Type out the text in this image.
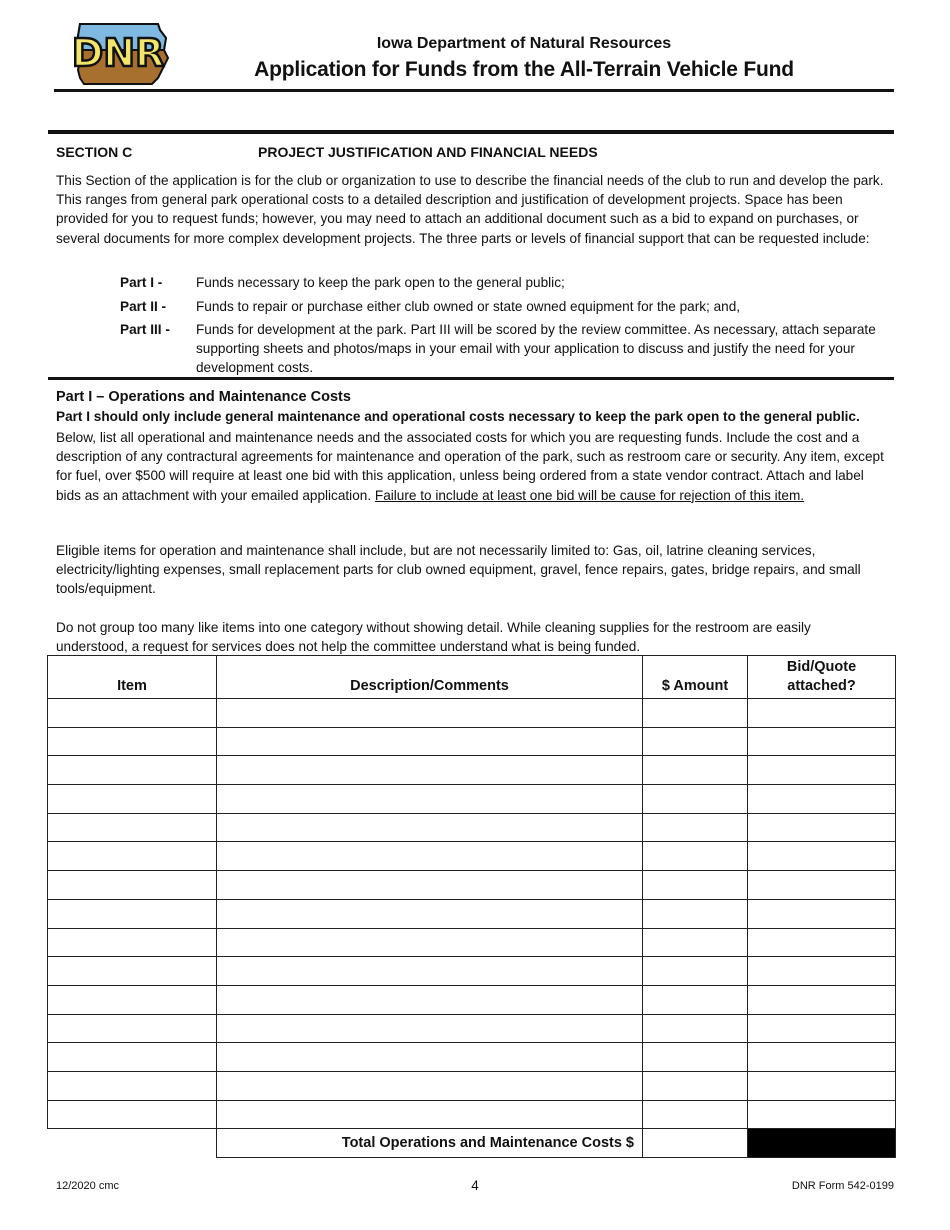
DNR	Iowa Department of Natural Resources
Application for Funds from the All-Terrain Vehicle Fund
SECTION C	PROJECT JUSTIFICATION AND FINANCIAL NEEDS
This Section of the application is for the club or organization to use to describe the financial needs of the club to run and develop the park. This ranges from general park operational costs to a detailed description and justification of development projects. Space has been provided for you to request funds; however, you may need to attach an additional document such as a bid to expand on purchases, or several documents for more complex development projects. The three parts or levels of financial support that can be requested include:
Part I - Funds necessary to keep the park open to the general public;
Part II - Funds to repair or purchase either club owned or state owned equipment for the park; and,
Part III - Funds for development at the park. Part III will be scored by the review committee. As necessary, attach separate supporting sheets and photos/maps in your email with your application to discuss and justify the need for your development costs.
Part I – Operations and Maintenance Costs
Part I should only include general maintenance and operational costs necessary to keep the park open to the general public.
Below, list all operational and maintenance needs and the associated costs for which you are requesting funds. Include the cost and a description of any contractural agreements for maintenance and operation of the park, such as restroom care or security. Any item, except for fuel, over $500 will require at least one bid with this application, unless being ordered from a state vendor contract. Attach and label bids as an attachment with your emailed application. Failure to include at least one bid will be cause for rejection of this item.
Eligible items for operation and maintenance shall include, but are not necessarily limited to: Gas, oil, latrine cleaning services, electricity/lighting expenses, small replacement parts for club owned equipment, gravel, fence repairs, gates, bridge repairs, and small tools/equipment.
Do not group too many like items into one category without showing detail. While cleaning supplies for the restroom are easily understood, a request for services does not help the committee understand what is being funded.
Item	Description/Comments	$ Amount	Bid/Quote attached?

	Total Operations and Maintenance Costs $		
12/2020 cmc	4	DNR Form 542-0199
